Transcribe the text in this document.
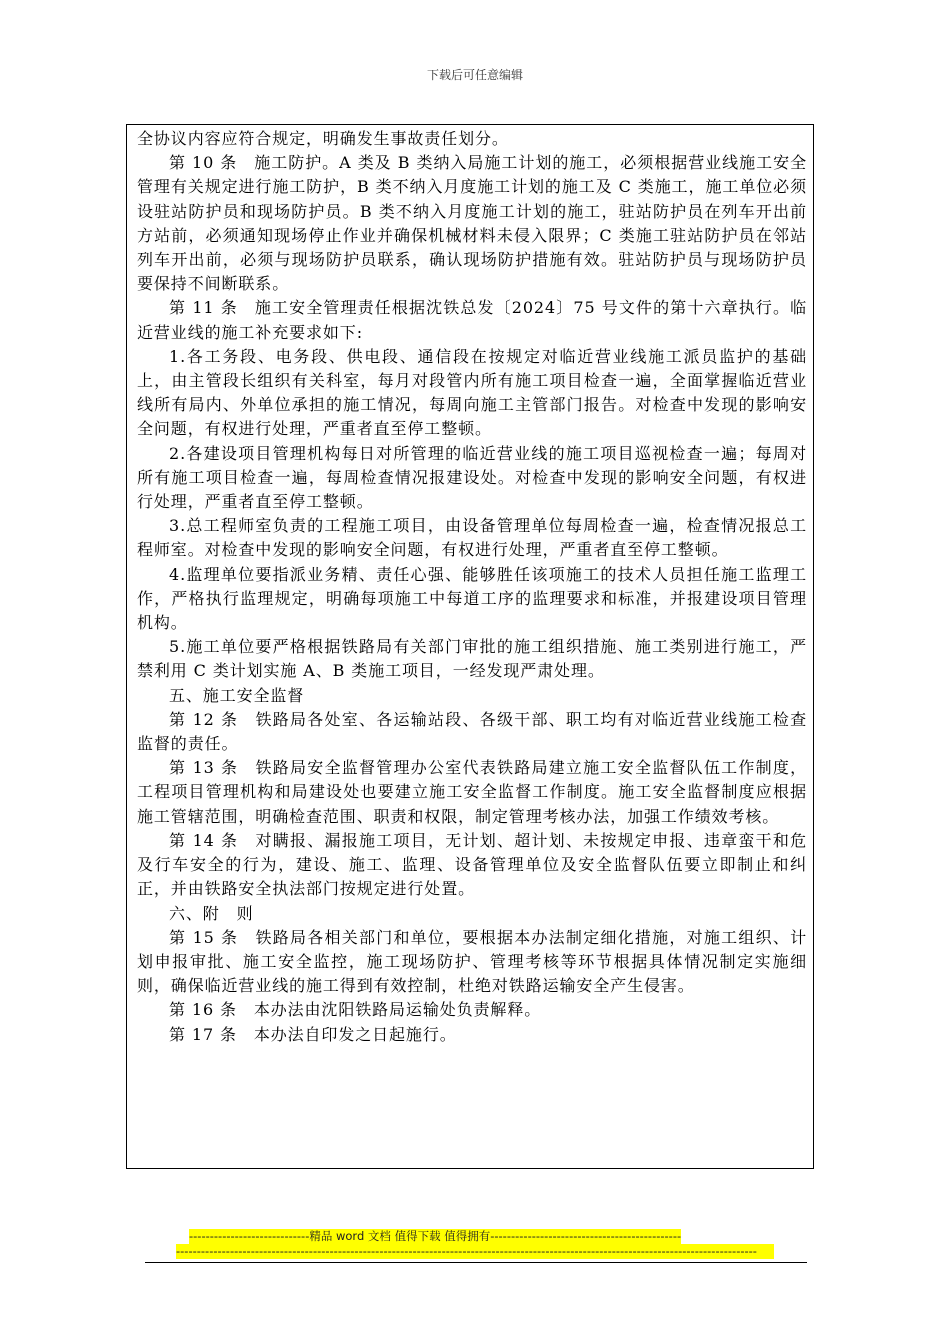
下载后可任意编辑

全协议内容应符合规定，明确发生事故责任划分。

第 10 条　施工防护。A 类及 B 类纳入局施工计划的施工，必须根据营业线施工安全管理有关规定进行施工防护，B 类不纳入月度施工计划的施工及 C 类施工，施工单位必须设驻站防护员和现场防护员。B 类不纳入月度施工计划的施工，驻站防护员在列车开出前方站前，必须通知现场停止作业并确保机械材料未侵入限界；C 类施工驻站防护员在邻站列车开出前，必须与现场防护员联系，确认现场防护措施有效。驻站防护员与现场防护员要保持不间断联系。

第 11 条　施工安全管理责任根据沈铁总发〔2024〕75 号文件的第十六章执行。临近营业线的施工补充要求如下:

1.各工务段、电务段、供电段、通信段在按规定对临近营业线施工派员监护的基础上，由主管段长组织有关科室，每月对段管内所有施工项目检查一遍，全面掌握临近营业线所有局内、外单位承担的施工情况，每周向施工主管部门报告。对检查中发现的影响安全问题，有权进行处理，严重者直至停工整顿。

2.各建设项目管理机构每日对所管理的临近营业线的施工项目巡视检查一遍；每周对所有施工项目检查一遍，每周检查情况报建设处。对检查中发现的影响安全问题，有权进行处理，严重者直至停工整顿。

3.总工程师室负责的工程施工项目，由设备管理单位每周检查一遍，检查情况报总工程师室。对检查中发现的影响安全问题，有权进行处理，严重者直至停工整顿。

4.监理单位要指派业务精、责任心强、能够胜任该项施工的技术人员担任施工监理工作，严格执行监理规定，明确每项施工中每道工序的监理要求和标准，并报建设项目管理机构。

5.施工单位要严格根据铁路局有关部门审批的施工组织措施、施工类别进行施工，严禁利用 C 类计划实施 A、B 类施工项目，一经发现严肃处理。

五、施工安全监督

第 12 条　铁路局各处室、各运输站段、各级干部、职工均有对临近营业线施工检查监督的责任。

第 13 条　铁路局安全监督管理办公室代表铁路局建立施工安全监督队伍工作制度，工程项目管理机构和局建设处也要建立施工安全监督工作制度。施工安全监督制度应根据施工管辖范围，明确检查范围、职责和权限，制定管理考核办法，加强工作绩效考核。

第 14 条　对瞒报、漏报施工项目，无计划、超计划、未按规定申报、违章蛮干和危及行车安全的行为，建设、施工、监理、设备管理单位及安全监督队伍要立即制止和纠正，并由铁路安全执法部门按规定进行处置。

六、附　则

第 15 条　铁路局各相关部门和单位，要根据本办法制定细化措施，对施工组织、计划申报审批、施工安全监控，施工现场防护、管理考核等环节根据具体情况制定实施细则，确保临近营业线的施工得到有效控制，杜绝对铁路运输安全产生侵害。

第 16 条　本办法由沈阳铁路局运输处负责解释。

第 17 条　本办法自印发之日起施行。

-----------------------------精品 word 文档 值得下载 值得拥有----------------------------------------------
--------------------------------------------------------------------------------------------------------------------------------------------
